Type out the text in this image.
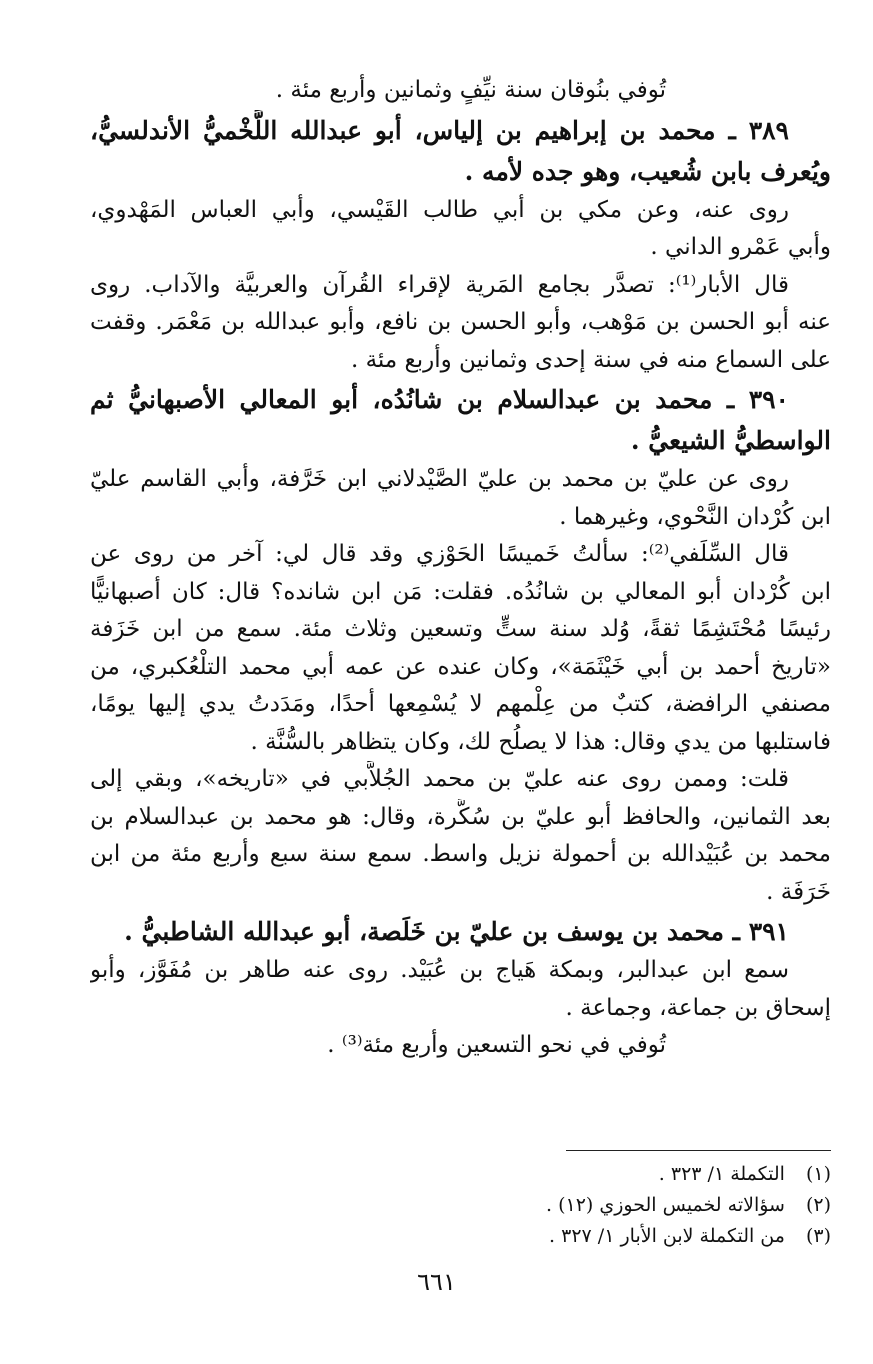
تُوفي بنُوقان سنة نيِّفٍ وثمانين وأربع مئة .
٣٨٩ ـ محمد بن إبراهيم بن إلياس، أبو عبدالله اللَّخْميُّ الأندلسيُّ،
ويُعرف بابن شُعيب، وهو جده لأمه .
روى عنه، وعن مكي بن أبي طالب القَيْسي، وأبي العباس المَهْدوي،
وأبي عَمْرو الداني .
قال الأبار⁽¹⁾: تصدَّر بجامع المَرية لإقراء القُرآن والعربيَّة والآداب. روى
عنه أبو الحسن بن مَوْهب، وأبو الحسن بن نافع، وأبو عبدالله بن مَعْمَر. وقفت
على السماع منه في سنة إحدى وثمانين وأربع مئة .
٣٩٠ ـ محمد بن عبدالسلام بن شانُدُه، أبو المعالي الأصبهانيُّ ثم
الواسطيُّ الشيعيُّ .
روى عن عليّ بن محمد بن عليّ الصَّيْدلاني ابن خَرَّفة، وأبي القاسم عليّ
ابن كُرْدان النَّحْوي، وغيرهما .
قال السِّلَفي⁽²⁾: سألتُ خَميسًا الحَوْزي وقد قال لي: آخر من روى عن
ابن كُرْدان أبو المعالي بن شانُدُه. فقلت: مَن ابن شانده؟ قال: كان أصبهانيًّا
رئيسًا مُحْتَشِمًا ثقةً، وُلد سنة ستٍّ وتسعين وثلاث مئة. سمع من ابن خَزَفة
«تاريخ أحمد بن أبي خَيْثَمَة»، وكان عنده عن عمه أبي محمد التلْعُكبري، من
مصنفي الرافضة، كتبٌ من عِلْمهم لا يُسْمِعها أحدًا، ومَدَدتُ يدي إليها يومًا،
فاستلبها من يدي وقال: هذا لا يصلُح لك، وكان يتظاهر بالسُّنَّة .
قلت: وممن روى عنه عليّ بن محمد الجُلاَّبي في «تاريخه»، وبقي إلى
بعد الثمانين، والحافظ أبو عليّ بن سُكَّرة، وقال: هو محمد بن عبدالسلام بن
محمد بن عُبَيْدالله بن أحمولة نزيل واسط. سمع سنة سبع وأربع مئة من ابن
خَرَفَة .
٣٩١ ـ محمد بن يوسف بن عليّ بن خَلَصة، أبو عبدالله الشاطبيُّ .
سمع ابن عبدالبر، وبمكة هَياج بن عُبَيْد. روى عنه طاهر بن مُفَوَّز، وأبو
إسحاق بن جماعة، وجماعة .
تُوفي في نحو التسعين وأربع مئة⁽³⁾ .
(١) التكملة ١/ ٣٢٣ .
(٢) سؤالاته لخميس الحوزي (١٢) .
(٣) من التكملة لابن الأبار ١/ ٣٢٧ .
٦٦١
